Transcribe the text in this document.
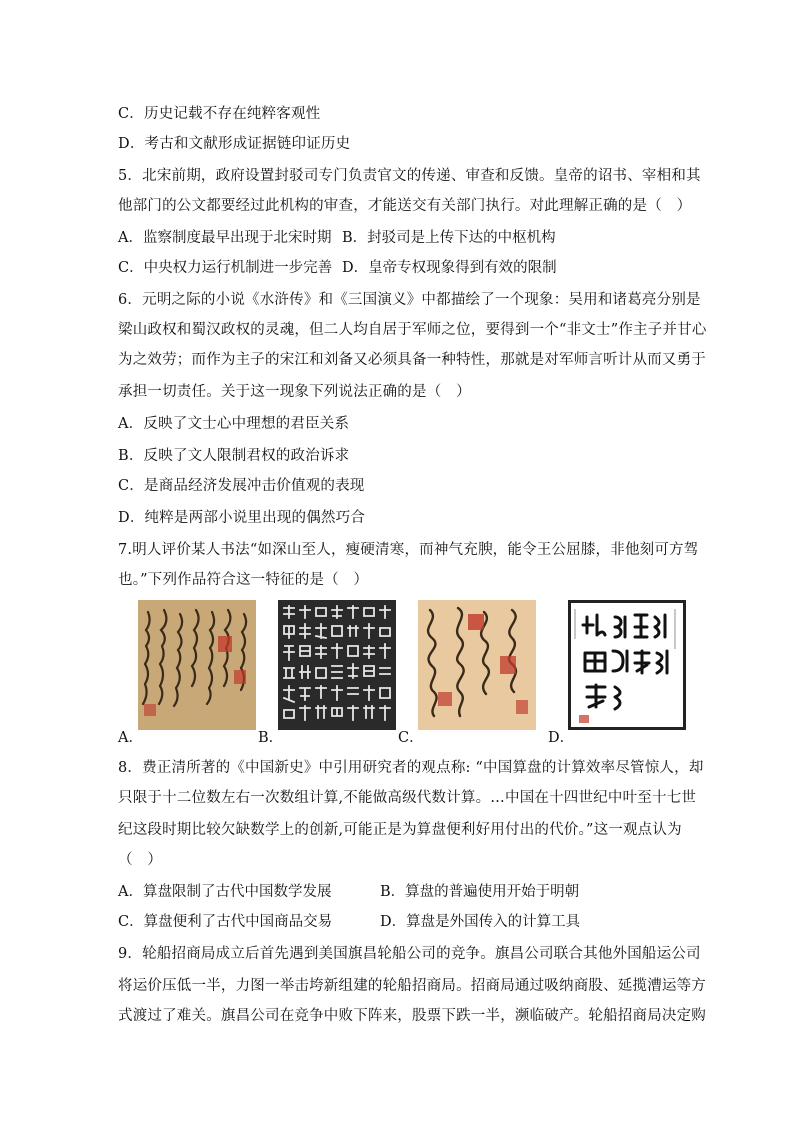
C．历史记载不存在纯粹客观性
D．考古和文献形成证据链印证历史
5．北宋前期，政府设置封驳司专门负责官文的传递、审查和反馈。皇帝的诏书、宰相和其
他部门的公文都要经过此机构的审查，才能送交有关部门执行。对此理解正确的是（　）
A．监察制度最早出现于北宋时期 B．封驳司是上传下达的中枢机构
C．中央权力运行机制进一步完善 D．皇帝专权现象得到有效的限制
6．元明之际的小说《水浒传》和《三国演义》中都描绘了一个现象：吴用和诸葛亮分别是
梁山政权和蜀汉政权的灵魂，但二人均自居于军师之位，要得到一个“非文士”作主子并甘心
为之效劳；而作为主子的宋江和刘备又必须具备一种特性，那就是对军师言听计从而又勇于
承担一切责任。关于这一现象下列说法正确的是（　）
A．反映了文士心中理想的君臣关系
B．反映了文人限制君权的政治诉求
C．是商品经济发展冲击价值观的表现
D．纯粹是两部小说里出现的偶然巧合
7.明人评价某人书法“如深山至人，瘦硬清寒，而神气充腴，能令王公屈膝，非他刻可方驾
也。”下列作品符合这一特征的是（　）
A．	B．	C．	D．
8．费正清所著的《中国新史》中引用研究者的观点称: “中国算盘的计算效率尽管惊人，却
只限于十二位数左右一次数组计算,不能做高级代数计算。…中国在十四世纪中叶至十七世
纪这段时期比较欠缺数学上的创新,可能正是为算盘便利好用付出的代价。”这一观点认为
（　）
A．算盘限制了古代中国数学发展	B．算盘的普遍使用开始于明朝
C．算盘便利了古代中国商品交易	D．算盘是外国传入的计算工具
9．轮船招商局成立后首先遇到美国旗昌轮船公司的竞争。旗昌公司联合其他外国船运公司
将运价压低一半，力图一举击垮新组建的轮船招商局。招商局通过吸纳商股、延揽漕运等方
式渡过了难关。旗昌公司在竞争中败下阵来，股票下跌一半，濒临破产。轮船招商局决定购
